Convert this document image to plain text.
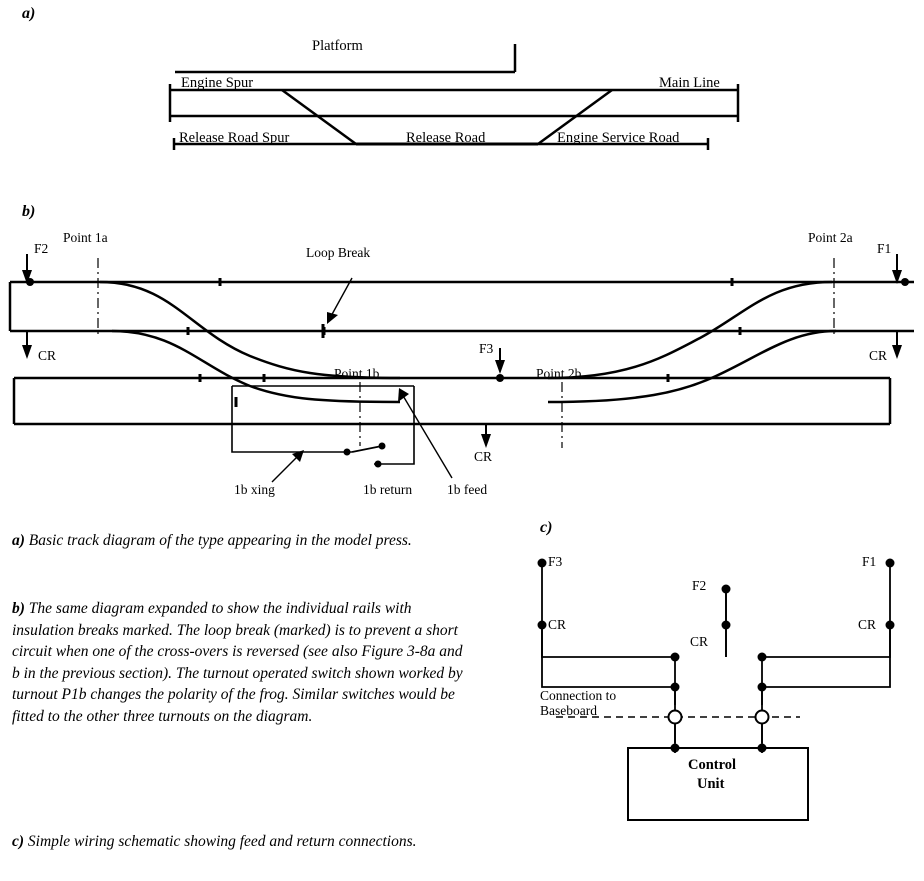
a)
Platform
Engine Spur	Main Line
Release Road Spur	Release Road	Engine Service Road
b)
F2	F1
Point 1a	Point 2a
Loop Break
CR	CR
F3
Point 1b	Point 2b
CR
1b xing	1b return	1b feed
c)
F3
F2
F1
CR
CR
CR
Connection to
Baseboard
Control
Unit
a) Basic track diagram of the type appearing in the model press.
b) The same diagram expanded to show the individual rails with insulation breaks marked. The loop break (marked) is to prevent a short circuit when one of the cross-overs is reversed (see also Figure 3-8a and b in the previous section). The turnout operated switch shown worked by turnout P1b changes the polarity of the frog. Similar switches would be fitted to the other three turnouts on the diagram.
c) Simple wiring schematic showing feed and return connections.
